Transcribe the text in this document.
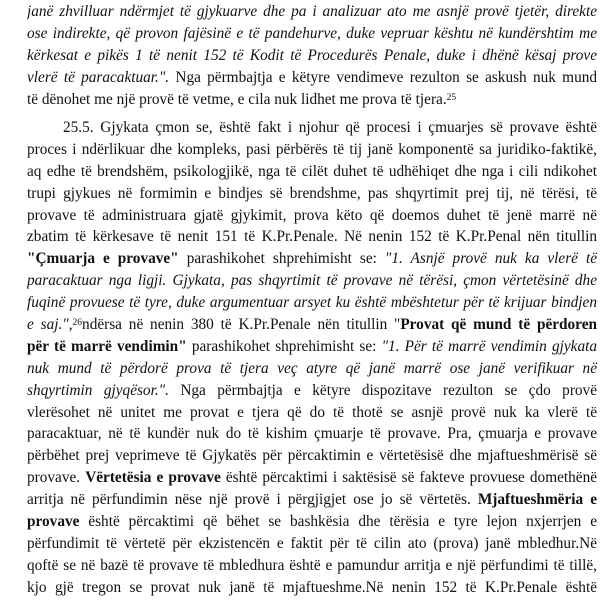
janë zhvilluar ndërmjet të gjykuarve dhe pa i analizuar ato me asnjë provë tjetër, direkte
ose indirekte, që provon fajësinë e të pandehurve, duke vepruar kështu në kundërshtim me
kërkesat e pikës 1 të nenit 152 të Kodit të Procedurës Penale, duke i dhënë kësaj prove
vlerë të paracaktuar.". Nga përmbajtja e këtyre vendimeve rezulton se askush nuk mund
të dënohet me një provë të vetme, e cila nuk lidhet me prova të tjera.$^{25}$
25.5. Gjykata çmon se, është fakt i njohur që procesi i çmuarjes së provave është
proces i ndërlikuar dhe kompleks, pasi përbërës të tij janë komponentë sa juridiko-faktikë,
aq edhe të brendshëm, psikologjikë, nga të cilët duhet të udhëhiqet dhe nga i cili ndikohet
trupi gjykues në formimin e bindjes së brendshme, pas shqyrtimit prej tij, në tërësi, të
provave të administruara gjatë gjykimit, prova këto që doemos duhet të jenë marrë në
zbatim të kërkesave të nenit 151 të K.Pr.Penale. Në nenin 152 të K.Pr.Penal nën titullin
"Çmuarja e provave" parashikohet shprehimisht se: "1. Asnjë provë nuk ka vlerë të
paracaktuar nga ligji. Gjykata, pas shqyrtimit të provave në tërësi, çmon vërtetësinë dhe
fuqinë provuese të tyre, duke argumentuar arsyet ku është mbështetur për të krijuar bindjen
e saj.",$^{26}$ndërsa në nenin 380 të K.Pr.Penale nën titullin "Provat që mund të përdoren
për të marrë vendimin" parashikohet shprehimisht se: "1. Për të marrë vendimin gjykata
nuk mund të përdorë prova të tjera veç atyre që janë marrë ose janë verifikuar në
shqyrtimin gjyqësor.". Nga përmbajtja e këtyre dispozitave rezulton se çdo provë
vlerësohet në unitet me provat e tjera që do të thotë se asnjë provë nuk ka vlerë të
paracaktuar, në të kundër nuk do të kishim çmuarje të provave. Pra, çmuarja e provave
përbëhet prej veprimeve të Gjykatës për përcaktimin e vërtetësisë dhe mjaftueshmërisë së
provave. Vërtetësia e provave është përcaktimi i saktësisë së fakteve provuese domethënë
arritja në përfundimin nëse një provë i përgjigjet ose jo së vërtetës. Mjaftueshmëria e
provave është përcaktimi që bëhet se bashkësia dhe tërësia e tyre lejon nxjerrjen e
përfundimit të vërtetë për ekzistencën e faktit për të cilin ato (prova) janë mbledhur.Në
qoftë se në bazë të provave të mbledhura është e pamundur arritja e një përfundimi të tillë,
kjo gjë tregon se provat nuk janë të mjaftueshme.Në nenin 152 të K.Pr.Penale është
